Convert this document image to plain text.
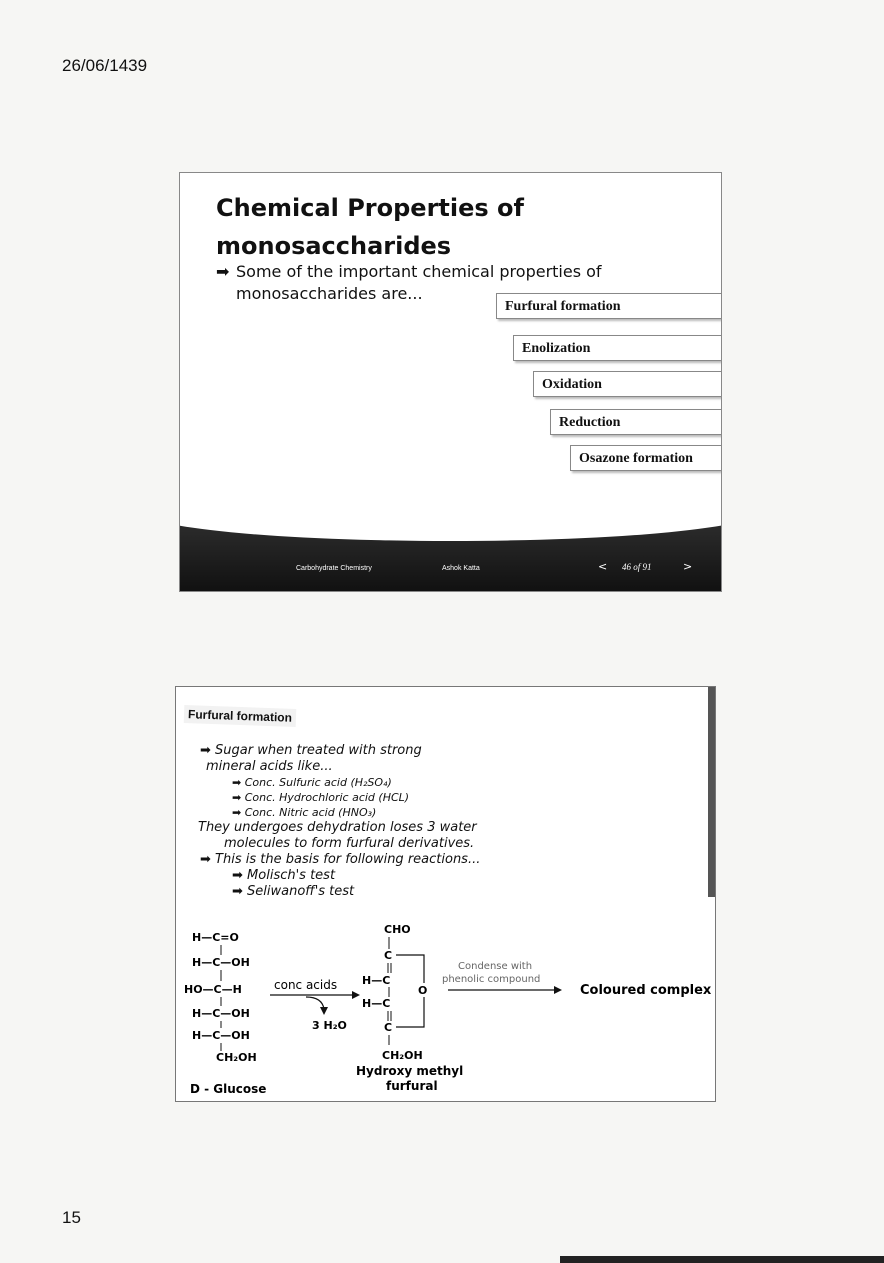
26/06/1439
Chemical Properties of
monosaccharides
➡ Some of the important chemical properties of
monosaccharides are...
Furfural formation
Enolization
Oxidation
Reduction
Osazone formation
Carbohydrate Chemistry	Ashok Katta	< 46 of 91	>
Furfural formation
➡ Sugar when treated with strong
mineral acids like...
➡ Conc. Sulfuric acid (H₂SO₄)
➡ Conc. Hydrochloric acid (HCL)
➡ Conc. Nitric acid (HNO₃)
They undergoes dehydration loses 3 water
molecules to form furfural derivatives.
➡ This is the basis for following reactions...
➡ Molisch's test
➡ Seliwanoff's test
H—C=O
H—C—OH
HO—C—H
H—C—OH
H—C—OH
CH₂OH
D - Glucose
conc acids
3 H₂O
CHO
C
H—C
H—C
C
CH₂OH
O
Hydroxy methyl
furfural
Condense with
phenolic compound
Coloured complex
15
